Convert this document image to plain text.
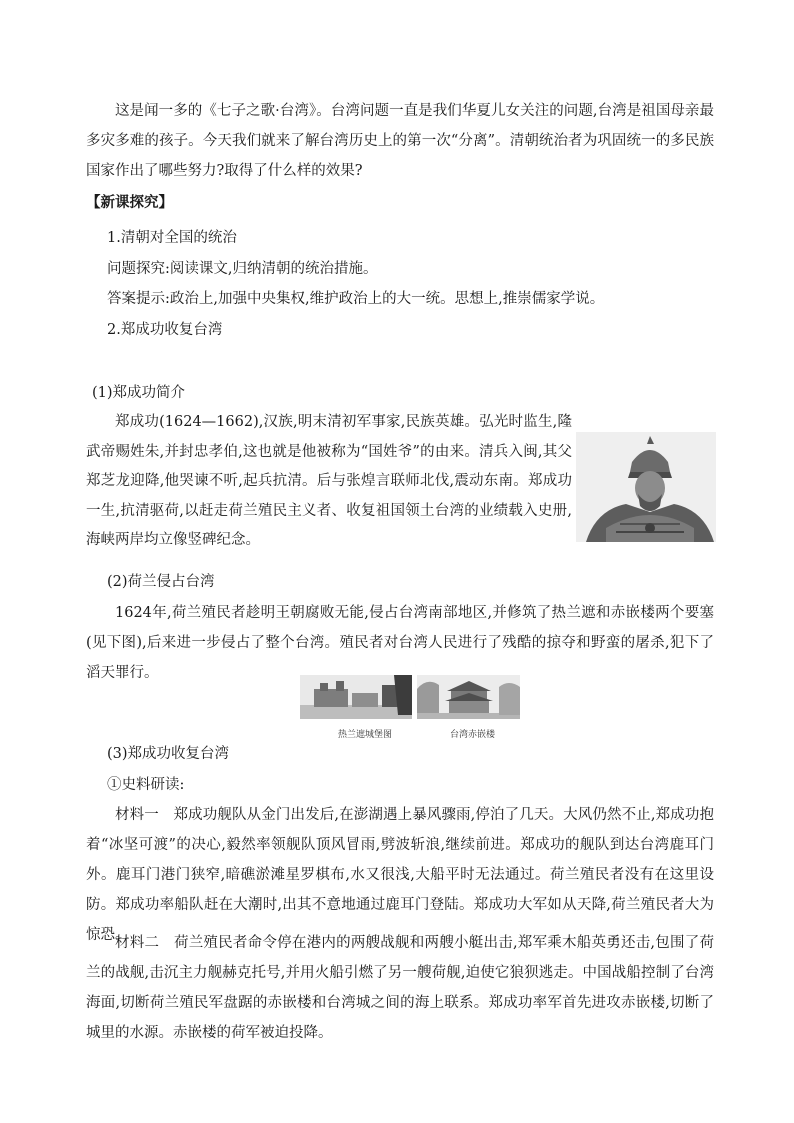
这是闻一多的《七子之歌·台湾》。台湾问题一直是我们华夏儿女关注的问题,台湾是祖国母亲最多灾多难的孩子。今天我们就来了解台湾历史上的第一次“分离”。清朝统治者为巩固统一的多民族国家作出了哪些努力?取得了什么样的效果?

【新课探究】

1.清朝对全国的统治

问题探究:阅读课文,归纳清朝的统治措施。

答案提示:政治上,加强中央集权,维护政治上的大一统。思想上,推崇儒家学说。

2.郑成功收复台湾

(1)郑成功简介

郑成功(1624—1662),汉族,明末清初军事家,民族英雄。弘光时监生,隆武帝赐姓朱,并封忠孝伯,这也就是他被称为“国姓爷”的由来。清兵入闽,其父郑芝龙迎降,他哭谏不听,起兵抗清。后与张煌言联师北伐,震动东南。郑成功一生,抗清驱荷,以赶走荷兰殖民主义者、收复祖国领土台湾的业绩载入史册,海峡两岸均立像竖碑纪念。

(2)荷兰侵占台湾

1624年,荷兰殖民者趁明王朝腐败无能,侵占台湾南部地区,并修筑了热兰遮和赤嵌楼两个要塞(见下图),后来进一步侵占了整个台湾。殖民者对台湾人民进行了残酷的掠夺和野蛮的屠杀,犯下了滔天罪行。

热兰遮城堡图	台湾赤嵌楼

(3)郑成功收复台湾

①史料研读:

材料一　郑成功舰队从金门出发后,在澎湖遇上暴风骤雨,停泊了几天。大风仍然不止,郑成功抱着“冰坚可渡”的决心,毅然率领舰队顶风冒雨,劈波斩浪,继续前进。郑成功的舰队到达台湾鹿耳门外。鹿耳门港门狭窄,暗礁淤滩星罗棋布,水又很浅,大船平时无法通过。荷兰殖民者没有在这里设防。郑成功率船队赶在大潮时,出其不意地通过鹿耳门登陆。郑成功大军如从天降,荷兰殖民者大为惊恐。

材料二　荷兰殖民者命令停在港内的两艘战舰和两艘小艇出击,郑军乘木船英勇还击,包围了荷兰的战舰,击沉主力舰赫克托号,并用火船引燃了另一艘荷舰,迫使它狼狈逃走。中国战船控制了台湾海面,切断荷兰殖民军盘踞的赤嵌楼和台湾城之间的海上联系。郑成功率军首先进攻赤嵌楼,切断了城里的水源。赤嵌楼的荷军被迫投降。
